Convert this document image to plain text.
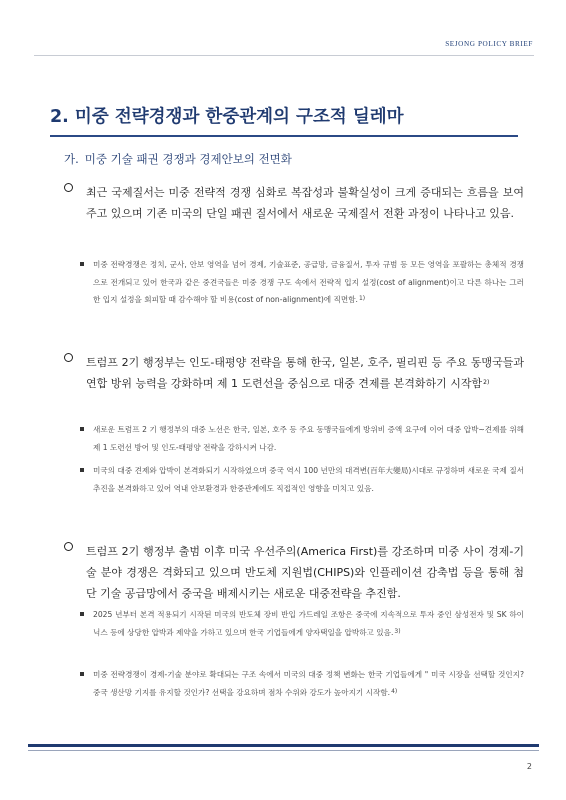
SEJONG POLICY BRIEF
2. 미중 전략경쟁과 한중관계의 구조적 딜레마
가. 미중 기술 패권 경쟁과 경제안보의 전면화
최근 국제질서는 미중 전략적 경쟁 심화로 복잡성과 불확실성이 크게 증대되는 흐름을 보여주고 있으며 기존 미국의 단일 패권 질서에서 새로운 국제질서 전환 과정이 나타나고 있음.
미중 전략경쟁은 정치, 군사, 안보 영역을 넘어 경제, 기술표준, 공급망, 금융질서, 투자 규범 등 모든 영역을 포괄하는 총체적 경쟁으로 전개되고 있어 한국과 같은 중견국들은 미중 경쟁 구도 속에서 전략적 입지 설정(cost of alignment)이고 다른 하나는 그러한 입지 설정을 회피할 때 감수해야 할 비용(cost of non-alignment)에 직면함.$^{1)}$
트럼프 2기 행정부는 인도-태평양 전략을 통해 한국, 일본, 호주, 필리핀 등 주요 동맹국들과 연합 방위 능력을 강화하며 제 1 도련선을 중심으로 대중 견제를 본격화하기 시작함$^{2)}$
새로운 트럼프 2 기 행정부의 대중 노선은 한국, 일본, 호주 등 주요 동맹국들에게 방위비 증액 요구에 이어 대중 압박~견제를 위해 제 1 도련선 방어 및 인도-태평양 전략을 강하시켜 나감.
미국의 대중 견제와 압박이 본격화되기 시작하였으며 중국 역시 100 년만의 대격변(百年大變局)시대로 규정하며 새로운 국제 질서 추진을 본격화하고 있어 역내 안보환경과 한중관계에도 직접적인 영향을 미치고 있음.
트럼프 2기 행정부 출범 이후 미국 우선주의(America First)를 강조하며 미중 사이 경제-기술 분야 경쟁은 격화되고 있으며 반도체 지원법(CHIPS)와 인플레이션 감축법 등을 통해 첨단 기술 공급망에서 중국을 배제시키는 새로운 대중전략을 추진함.
2025 년부터 본격 적용되기 시작된 미국의 반도체 장비 반입 가드레일 조항은 중국에 지속적으로 투자 중인 삼성전자 및 SK 하이닉스 등에 상당한 압박과 제약을 가하고 있으며 한국 기업들에게 양자택일을 압박하고 있음.$^{3)}$
미중 전략경쟁이 경제-기술 분야로 확대되는 구조 속에서 미국의 대중 정책 변화는 한국 기업들에게 " 미국 시장을 선택할 것인지? 중국 생산망 기지를 유지할 것인가? 선택을 강요하며 점차 수위와 강도가 높아지기 시작함.$^{4)}$
2
